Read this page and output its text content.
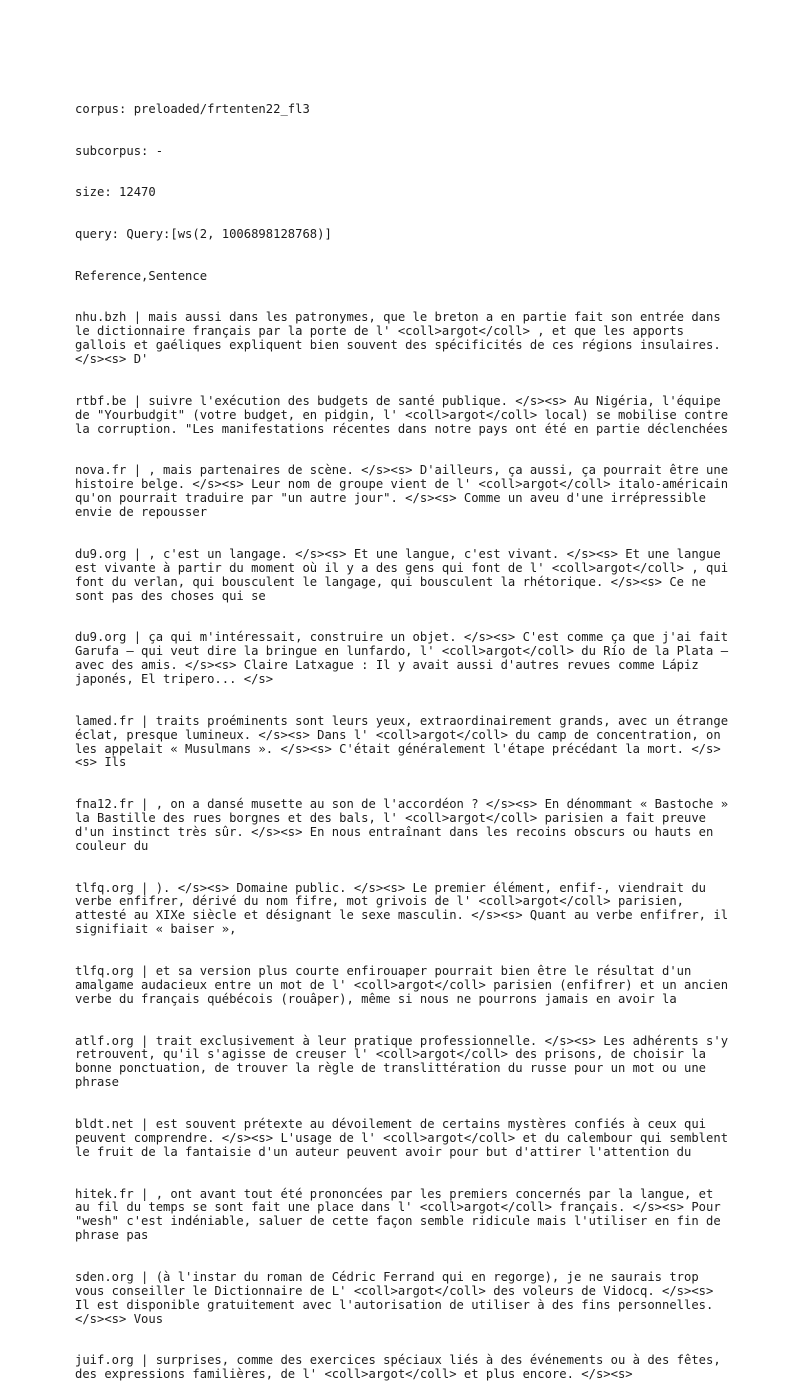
corpus: preloaded/frtenten22_fl3

subcorpus: -

size: 12470

query: Query:[ws(2, 1006898128768)]

Reference,Sentence

nhu.bzh | mais aussi dans les patronymes, que le breton a en partie fait son entrée dans le dictionnaire français par la porte de l' <coll>argot</coll> , et que les apports gallois et gaéliques expliquent bien souvent des spécificités de ces régions insulaires. </s><s> D'

rtbf.be | suivre l'exécution des budgets de santé publique. </s><s> Au Nigéria, l'équipe de "Yourbudgit" (votre budget, en pidgin, l' <coll>argot</coll> local) se mobilise contre la corruption. "Les manifestations récentes dans notre pays ont été en partie déclenchées

nova.fr | , mais partenaires de scène. </s><s> D'ailleurs, ça aussi, ça pourrait être une histoire belge. </s><s> Leur nom de groupe vient de l' <coll>argot</coll> italo-américain qu'on pourrait traduire par "un autre jour". </s><s> Comme un aveu d'une irrépressible envie de repousser

du9.org | , c'est un langage. </s><s> Et une langue, c'est vivant. </s><s> Et une langue est vivante à partir du moment où il y a des gens qui font de l' <coll>argot</coll> , qui font du verlan, qui bousculent le langage, qui bousculent la rhétorique. </s><s> Ce ne sont pas des choses qui se

du9.org | ça qui m'intéressait, construire un objet. </s><s> C'est comme ça que j'ai fait Garufa – qui veut dire la bringue en lunfardo, l' <coll>argot</coll> du Río de la Plata – avec des amis. </s><s> Claire Latxague : Il y avait aussi d'autres revues comme Lápiz japonés, El tripero... </s>

lamed.fr | traits proéminents sont leurs yeux, extraordinairement grands, avec un étrange éclat, presque lumineux. </s><s> Dans l' <coll>argot</coll> du camp de concentration, on les appelait « Musulmans ». </s><s> C'était généralement l'étape précédant la mort. </s><s> Ils

fna12.fr | , on a dansé musette au son de l'accordéon ? </s><s> En dénommant « Bastoche » la Bastille des rues borgnes et des bals, l' <coll>argot</coll> parisien a fait preuve d'un instinct très sûr. </s><s> En nous entraînant dans les recoins obscurs ou hauts en couleur du

tlfq.org | ). </s><s> Domaine public. </s><s> Le premier élément, enfif-, viendrait du verbe enfifrer, dérivé du nom fifre, mot grivois de l' <coll>argot</coll> parisien, attesté au XIXe siècle et désignant le sexe masculin. </s><s> Quant au verbe enfifrer, il signifiait « baiser »,

tlfq.org | et sa version plus courte enfirouaper pourrait bien être le résultat d'un amalgame audacieux entre un mot de l' <coll>argot</coll> parisien (enfifrer) et un ancien verbe du français québécois (rouâper), même si nous ne pourrons jamais en avoir la

atlf.org | trait exclusivement à leur pratique professionnelle. </s><s> Les adhérents s'y retrouvent, qu'il s'agisse de creuser l' <coll>argot</coll> des prisons, de choisir la bonne ponctuation, de trouver la règle de translittération du russe pour un mot ou une phrase

bldt.net | est souvent prétexte au dévoilement de certains mystères confiés à ceux qui peuvent comprendre. </s><s> L'usage de l' <coll>argot</coll> et du calembour qui semblent le fruit de la fantaisie d'un auteur peuvent avoir pour but d'attirer l'attention du

hitek.fr | , ont avant tout été prononcées par les premiers concernés par la langue, et au fil du temps se sont fait une place dans l' <coll>argot</coll> français. </s><s> Pour "wesh" c'est indéniable, saluer de cette façon semble ridicule mais l'utiliser en fin de phrase pas

sden.org | (à l'instar du roman de Cédric Ferrand qui en regorge), je ne saurais trop vous conseiller le Dictionnaire de L' <coll>argot</coll> des voleurs de Vidocq. </s><s> Il est disponible gratuitement avec l'autorisation de utiliser à des fins personnelles. </s><s> Vous

juif.org | surprises, comme des exercices spéciaux liés à des événements ou à des fêtes, des expressions familières, de l' <coll>argot</coll> et plus encore. </s><s>
